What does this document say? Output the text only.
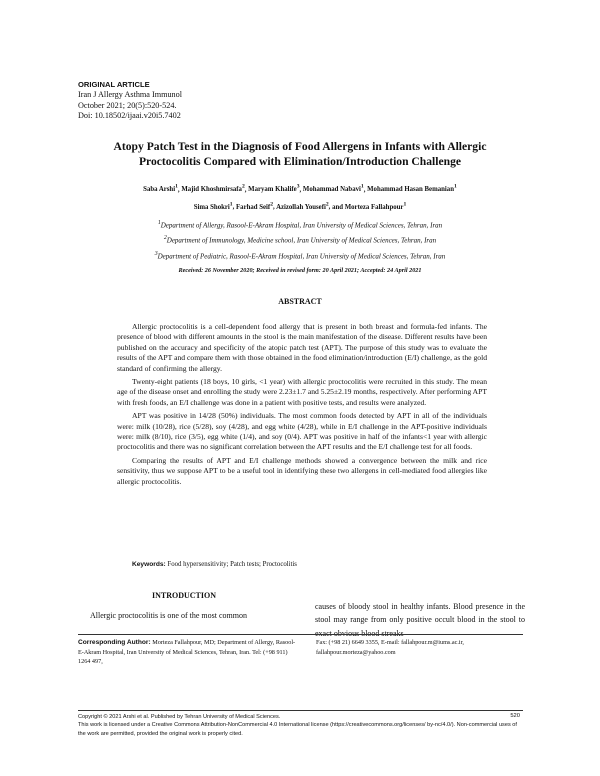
ORIGINAL ARTICLE
Iran J Allergy Asthma Immunol
October 2021; 20(5):520-524.
Doi: 10.18502/ijaai.v20i5.7402
Atopy Patch Test in the Diagnosis of Food Allergens in Infants with Allergic
Proctocolitis Compared with Elimination/Introduction Challenge
Saba Arshi$^1$, Majid Khoshmirsafa$^2$, Maryam Khalife$^3$, Mohammad Nabavi$^1$, Mohammad Hasan Bemanian$^1$
Sima Shokri$^1$, Farhad Seif$^2$, Azizollah Yousefi$^2$, and Morteza Fallahpour$^1$
$^1$Department of Allergy, Rasool-E-Akram Hospital, Iran University of Medical Sciences, Tehran, Iran
$^2$Department of Immunology, Medicine school, Iran University of Medical Sciences, Tehran, Iran
$^3$Department of Pediatric, Rasool-E-Akram Hospital, Iran University of Medical Sciences, Tehran, Iran
Received: 26 November 2020; Received in revised form: 20 April 2021; Accepted: 24 April 2021
ABSTRACT

Allergic proctocolitis is a cell-dependent food allergy that is present in both breast and formula-fed infants. The presence of blood with different amounts in the stool is the main manifestation of the disease. Different results have been published on the accuracy and specificity of the atopic patch test (APT). The purpose of this study was to evaluate the results of the APT and compare them with those obtained in the food elimination/introduction (E/I) challenge, as the gold standard of confirming the allergy.

Twenty-eight patients (18 boys, 10 girls, <1 year) with allergic proctocolitis were recruited in this study. The mean age of the disease onset and enrolling the study were 2.23±1.7 and 5.25±2.19 months, respectively. After performing APT with fresh foods, an E/I challenge was done in a patient with positive tests, and results were analyzed.

APT was positive in 14/28 (50%) individuals. The most common foods detected by APT in all of the individuals were: milk (10/28), rice (5/28), soy (4/28), and egg white (4/28), while in E/I challenge in the APT-positive individuals were: milk (8/10), rice (3/5), egg white (1/4), and soy (0/4). APT was positive in half of the infants<1 year with allergic proctocolitis and there was no significant correlation between the APT results and the E/I challenge test for all foods.

Comparing the results of APT and E/I challenge methods showed a convergence between the milk and rice sensitivity, thus we suppose APT to be a useful tool in identifying these two allergens in cell-mediated food allergies like allergic proctocolitis.

Keywords: Food hypersensitivity; Patch tests; Proctocolitis
INTRODUCTION
Allergic proctocolitis is one of the most common
causes of bloody stool in healthy infants. Blood presence in the stool may range from only positive occult blood in the stool to exact obvious blood streaks
Corresponding Author: Morteza Fallahpour, MD; Department of Allergy, Rasool-E-Akram Hospital, Iran University of Medical Sciences, Tehran, Iran. Tel: (+98 911) 1264 497,
Fax: (+98 21) 6649 3355, E-mail: fallahpour.m@iums.ac.ir, fallahpour.morteza@yahoo.com
Copyright © 2021 Arshi et al. Published by Tehran University of Medical Sciences.
This work is licensed under a Creative Commons Attribution-NonCommercial 4.0 International license (https://creativecommons.org/licenses/ by-nc/4.0/). Non-commercial uses of the work are permitted, provided the original work is properly cited.
520
